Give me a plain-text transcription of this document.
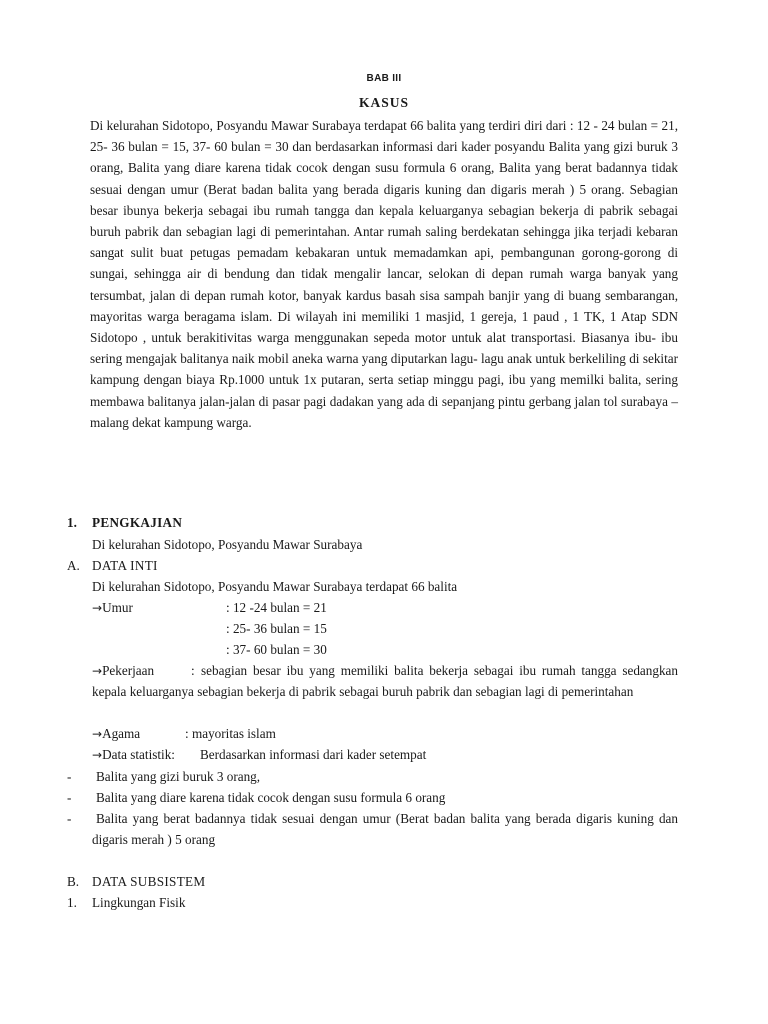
BAB III
KASUS
Di kelurahan Sidotopo, Posyandu Mawar Surabaya terdapat 66 balita yang terdiri diri dari : 12 - 24 bulan = 21, 25- 36 bulan = 15, 37- 60 bulan = 30 dan berdasarkan informasi dari kader posyandu Balita yang gizi buruk 3 orang, Balita yang diare karena tidak cocok dengan susu formula 6 orang, Balita yang berat badannya tidak sesuai dengan umur (Berat badan balita yang berada digaris kuning dan digaris merah ) 5 orang. Sebagian besar ibunya bekerja sebagai ibu rumah tangga dan kepala keluarganya sebagian bekerja di pabrik sebagai buruh pabrik dan sebagian lagi di pemerintahan. Antar rumah saling berdekatan sehingga jika terjadi kebaran sangat sulit buat petugas pemadam kebakaran untuk memadamkan api, pembangunan gorong-gorong di sungai, sehingga air di bendung dan tidak mengalir lancar, selokan di depan rumah warga banyak yang tersumbat, jalan di depan rumah kotor, banyak kardus basah sisa sampah banjir yang di buang sembarangan, mayoritas warga beragama islam. Di wilayah ini memiliki 1 masjid, 1 gereja, 1 paud , 1 TK, 1 Atap SDN Sidotopo , untuk berakitivitas warga menggunakan sepeda motor untuk alat transportasi. Biasanya ibu- ibu sering mengajak balitanya naik mobil aneka warna yang diputarkan lagu- lagu anak untuk berkeliling di sekitar kampung dengan biaya Rp.1000 untuk 1x putaran, serta setiap minggu pagi, ibu yang memilki balita, sering membawa balitanya jalan-jalan di pasar pagi dadakan yang ada di sepanjang pintu gerbang jalan tol surabaya – malang dekat kampung warga.
1. PENGKAJIAN
Di kelurahan Sidotopo, Posyandu Mawar Surabaya
A. DATA INTI
Di kelurahan Sidotopo, Posyandu Mawar Surabaya terdapat 66 balita
→Umur	: 12 -24 bulan = 21
: 25- 36 bulan = 15
: 37- 60 bulan = 30
→Pekerjaan	: sebagian besar ibu yang memiliki balita bekerja sebagai ibu rumah tangga sedangkan kepala keluarganya sebagian bekerja di pabrik sebagai buruh pabrik dan sebagian lagi di pemerintahan
→Agama	: mayoritas islam
→Data statistik: Berdasarkan informasi dari kader setempat
- Balita yang gizi buruk 3 orang,
- Balita yang diare karena tidak cocok dengan susu formula 6 orang
-	Balita yang berat badannya tidak sesuai dengan umur (Berat badan balita yang berada digaris kuning dan digaris merah ) 5 orang
B. DATA SUBSISTEM
1. Lingkungan Fisik
